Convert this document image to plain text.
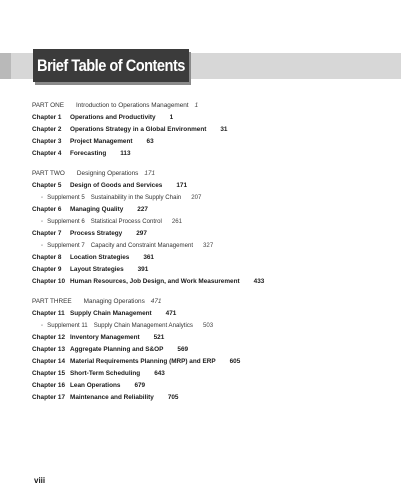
Brief Table of Contents
PART ONE Introduction to Operations Management 1
Chapter 1 Operations and Productivity 1
Chapter 2 Operations Strategy in a Global Environment 31
Chapter 3 Project Management 63
Chapter 4 Forecasting 113
PART TWO Designing Operations 171
Chapter 5 Design of Goods and Services 171
◦ Supplement 5 Sustainability in the Supply Chain 207
Chapter 6 Managing Quality 227
◦ Supplement 6 Statistical Process Control 261
Chapter 7 Process Strategy 297
◦ Supplement 7 Capacity and Constraint Management 327
Chapter 8 Location Strategies 361
Chapter 9 Layout Strategies 391
Chapter 10 Human Resources, Job Design, and Work Measurement 433
PART THREE Managing Operations 471
Chapter 11 Supply Chain Management 471
◦ Supplement 11 Supply Chain Management Analytics 503
Chapter 12 Inventory Management 521
Chapter 13 Aggregate Planning and S&OP 569
Chapter 14 Material Requirements Planning (MRP) and ERP 605
Chapter 15 Short-Term Scheduling 643
Chapter 16 Lean Operations 679
Chapter 17 Maintenance and Reliability 705
viii
